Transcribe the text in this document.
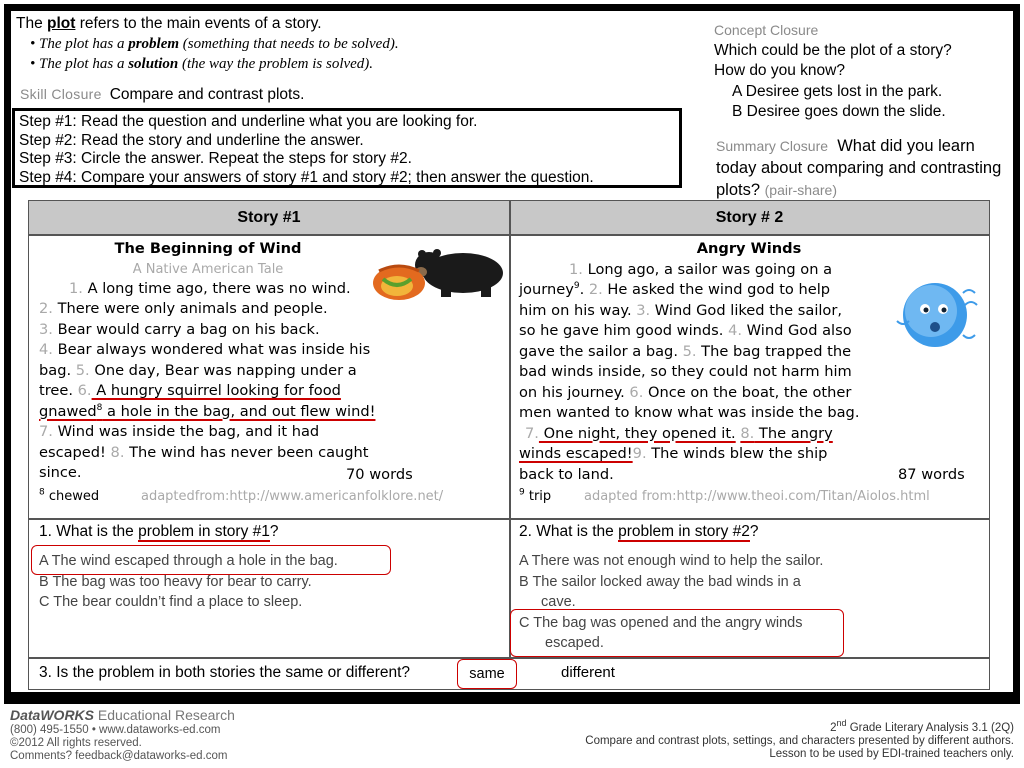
The plot refers to the main events of a story.
• The plot has a problem (something that needs to be solved).
• The plot has a solution (the way the problem is solved).
Skill Closure Compare and contrast plots.
Step #1: Read the question and underline what you are looking for.
Step #2: Read the story and underline the answer.
Step #3: Circle the answer. Repeat the steps for story #2.
Step #4: Compare your answers of story #1 and story #2; then answer the question.
Concept Closure
Which could be the plot of a story?
How do you know?
A Desiree gets lost in the park.
B Desiree goes down the slide.
Summary Closure What did you learn today about comparing and contrasting plots? (pair-share)
Story #1	Story # 2
The Beginning of Wind
A Native American Tale
1. A long time ago, there was no wind.
2. There were only animals and people.
3. Bear would carry a bag on his back.
4. Bear always wondered what was inside his
bag. 5. One day, Bear was napping under a
tree. 6. A hungry squirrel looking for food
gnawed$^8$ a hole in the bag, and out flew wind!
7. Wind was inside the bag, and it had
escaped! 8. The wind has never been caught
since.	70 words
$^8$ chewed	adaptedfrom:http://www.americanfolklore.net/
Angry Winds
1. Long ago, a sailor was going on a
journey$^9$. 2. He asked the wind god to help
him on his way. 3. Wind God liked the sailor,
so he gave him good winds. 4. Wind God also
gave the sailor a bag. 5. The bag trapped the
bad winds inside, so they could not harm him
on his journey. 6. Once on the boat, the other
men wanted to know what was inside the bag.
7. One night, they opened it. 8. The angry
winds escaped!9. The winds blew the ship
back to land.	87 words
$^9$ trip	adapted from:http://www.theoi.com/Titan/Aiolos.html
1. What is the problem in story #1?
A The wind escaped through a hole in the bag.
B The bag was too heavy for bear to carry.
C The bear couldn’t find a place to sleep.
2. What is the problem in story #2?
A There was not enough wind to help the sailor.
B The sailor locked away the bad winds in a
cave.
C The bag was opened and the angry winds
escaped.
3. Is the problem in both stories the same or different?	same	different
DataWORKS Educational Research
(800) 495-1550 • www.dataworks-ed.com
©2012 All rights reserved.
Comments? feedback@dataworks-ed.com
2nd Grade Literary Analysis 3.1 (2Q)
Compare and contrast plots, settings, and characters presented by different authors.
Lesson to be used by EDI-trained teachers only.
